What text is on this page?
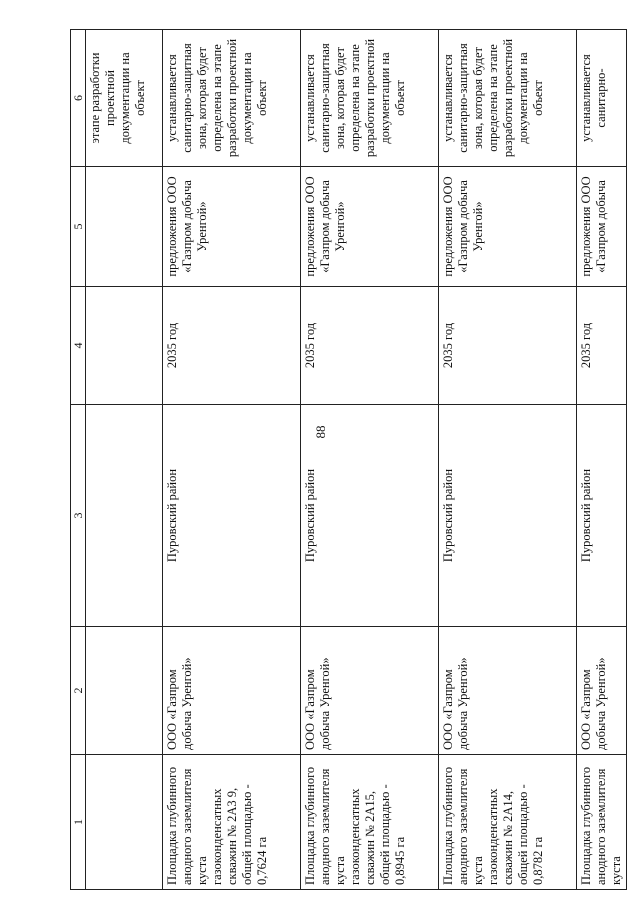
88
1	2	3	4	5	6
					этапе разработки проектной документации на объект
Площадка глубинного анодного заземлителя куста газоконденсатных скважин № 2А3 9, общей площадью - 0,7624 га	ООО «Газпром добыча Уренгой»	Пуровский район	2035 год	предложения ООО «Газпром добыча Уренгой»	устанавливается санитарно-защитная зона, которая будет определена на этапе разработки проектной документации на объект
Площадка глубинного анодного заземлителя куста газоконденсатных скважин № 2А15, общей площадью - 0,8945 га	ООО «Газпром добыча Уренгой»	Пуровский район	2035 год	предложения ООО «Газпром добыча Уренгой»	устанавливается санитарно-защитная зона, которая будет определена на этапе разработки проектной документации на объект
Площадка глубинного анодного заземлителя куста газоконденсатных скважин № 2А14, общей площадью - 0,8782 га	ООО «Газпром добыча Уренгой»	Пуровский район	2035 год	предложения ООО «Газпром добыча Уренгой»	устанавливается санитарно-защитная зона, которая будет определена на этапе разработки проектной документации на объект
Площадка глубинного анодного заземлителя куста	ООО «Газпром добыча Уренгой»	Пуровский район	2035 год	предложения ООО «Газпром добыча	устанавливается санитарно-
